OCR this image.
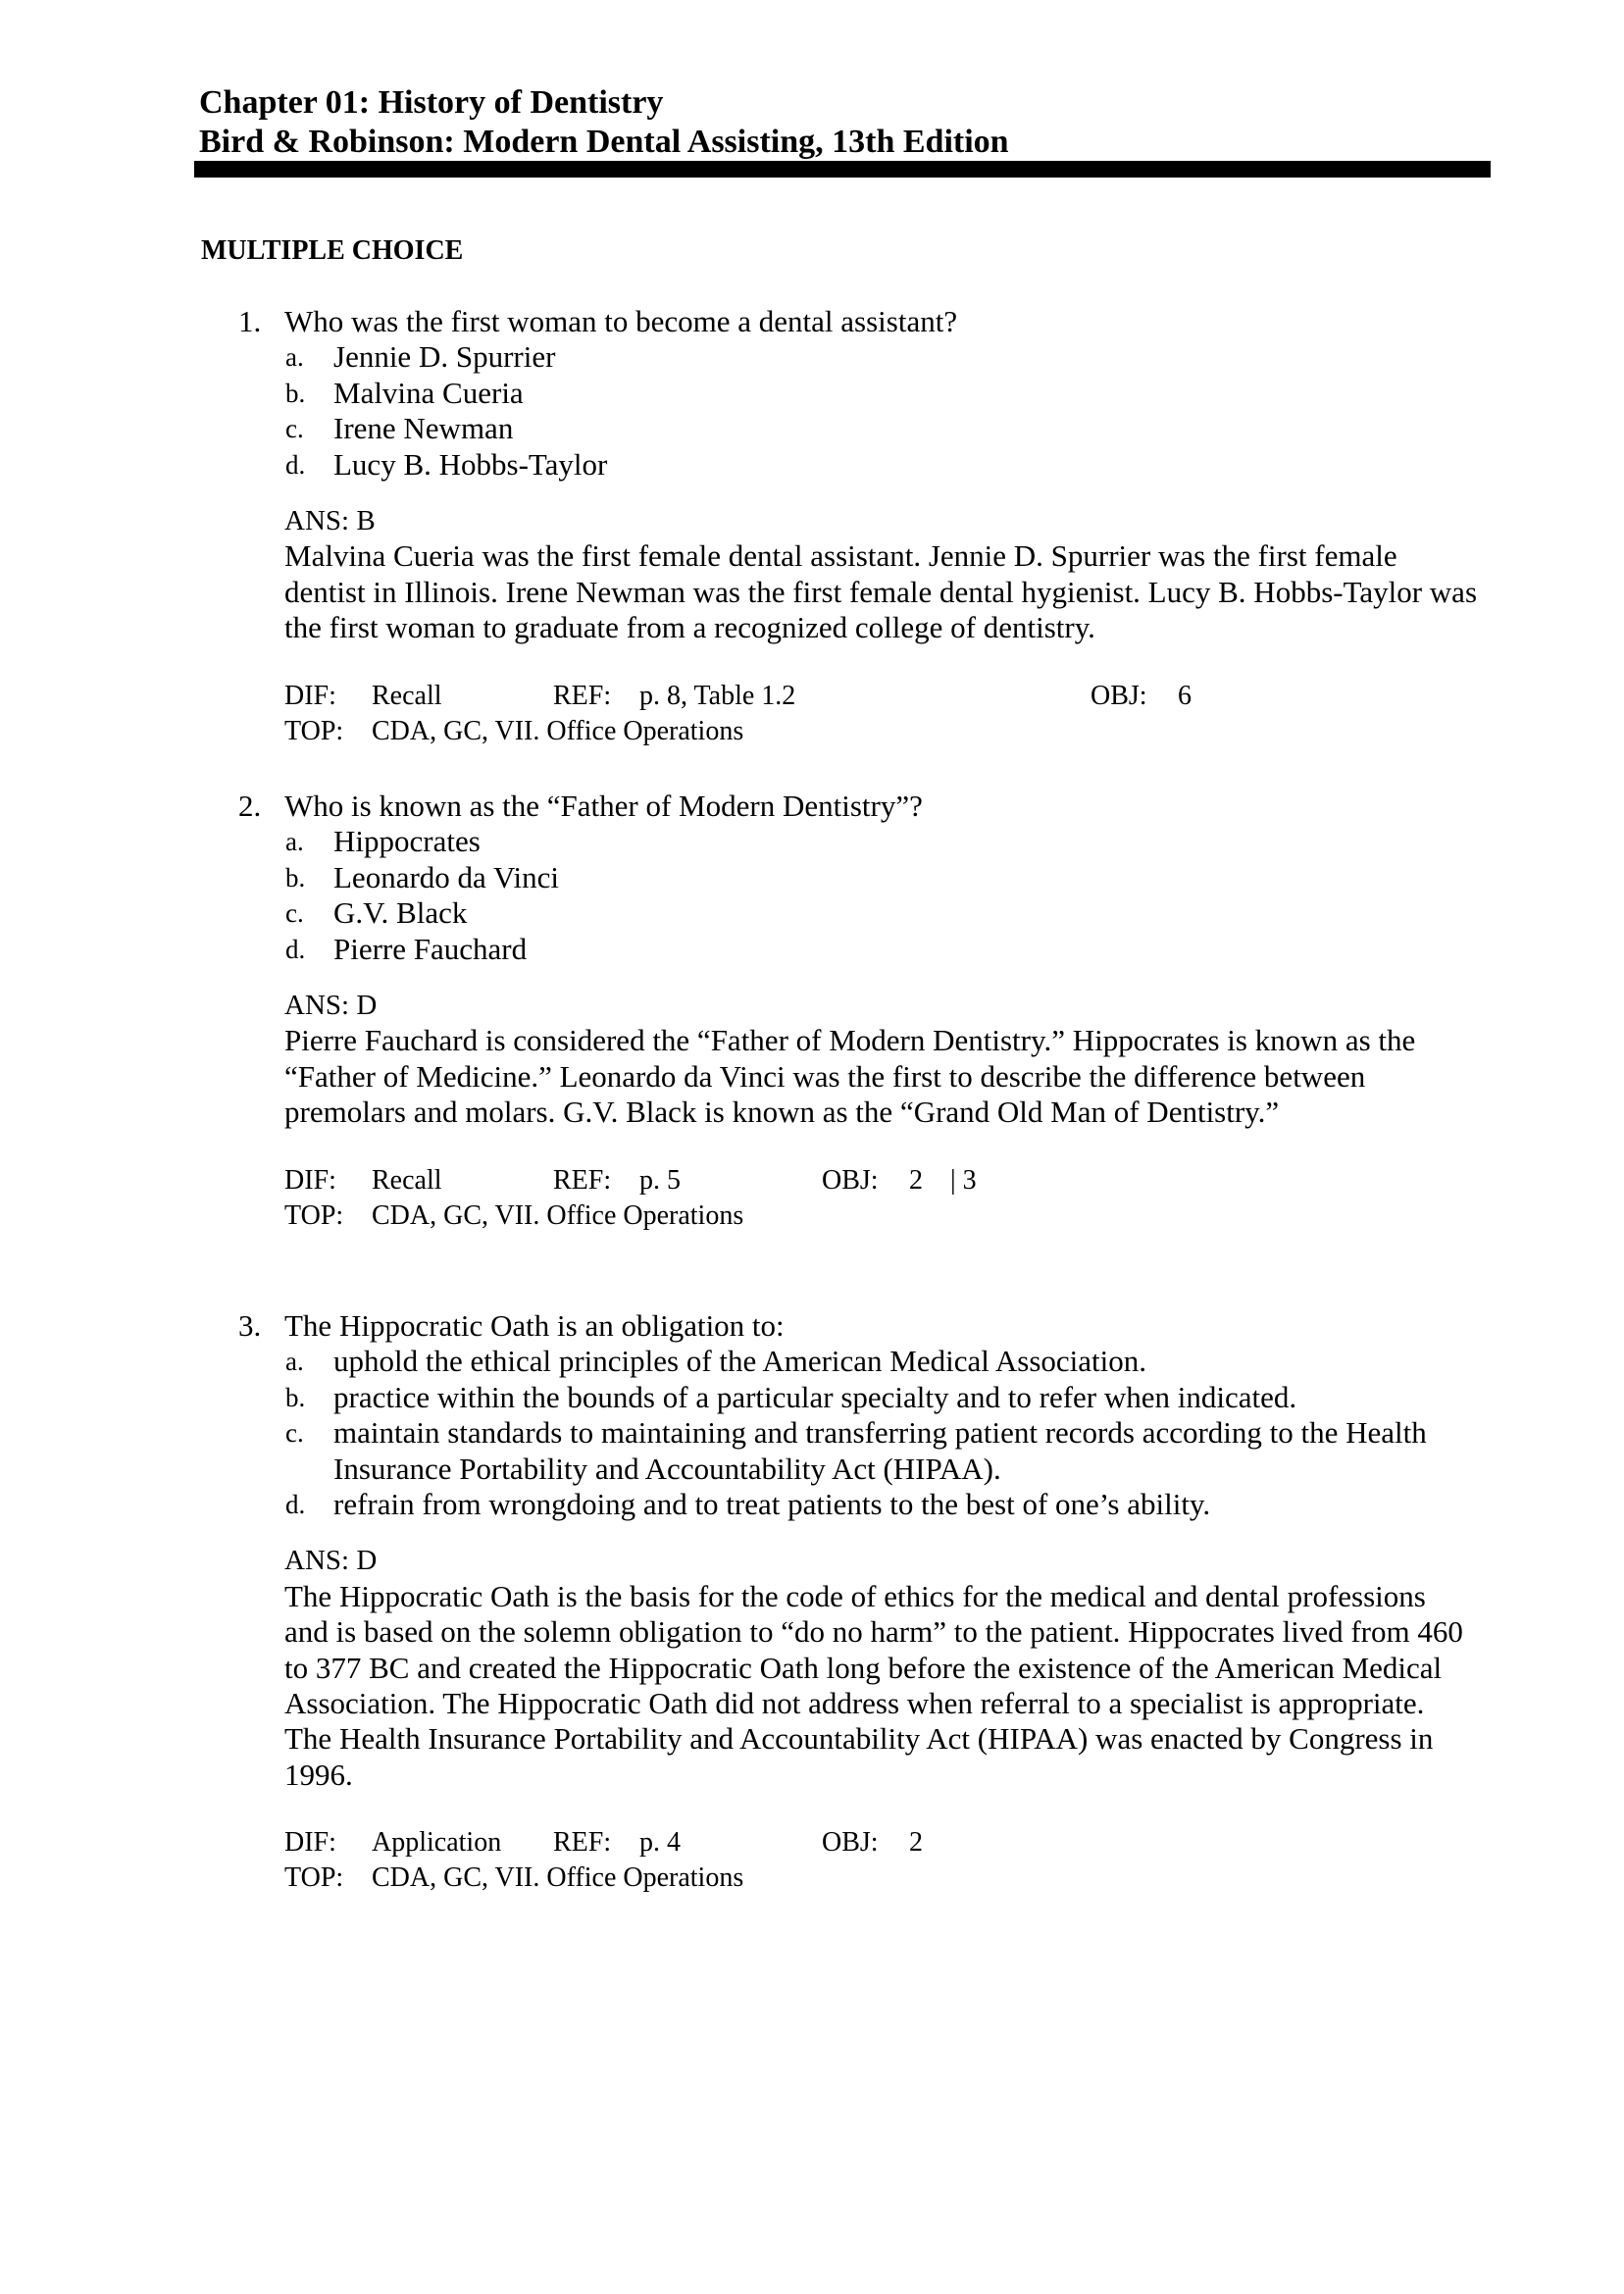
Chapter 01: History of Dentistry
Bird & Robinson: Modern Dental Assisting, 13th Edition
MULTIPLE CHOICE
1. Who was the first woman to become a dental assistant?
a. Jennie D. Spurrier
b. Malvina Cueria
c. Irene Newman
d. Lucy B. Hobbs-Taylor
ANS: B
Malvina Cueria was the first female dental assistant. Jennie D. Spurrier was the first female dentist in Illinois. Irene Newman was the first female dental hygienist. Lucy B. Hobbs-Taylor was the first woman to graduate from a recognized college of dentistry.
DIF: Recall	REF: p. 8, Table 1.2	OBJ: 6
TOP: CDA, GC, VII. Office Operations
2. Who is known as the “Father of Modern Dentistry”?
a. Hippocrates
b. Leonardo da Vinci
c. G.V. Black
d. Pierre Fauchard
ANS: D
Pierre Fauchard is considered the “Father of Modern Dentistry.” Hippocrates is known as the “Father of Medicine.” Leonardo da Vinci was the first to describe the difference between premolars and molars. G.V. Black is known as the “Grand Old Man of Dentistry.”
DIF: Recall	REF: p. 5	OBJ: 2 | 3
TOP: CDA, GC, VII. Office Operations
3. The Hippocratic Oath is an obligation to:
a. uphold the ethical principles of the American Medical Association.
b. practice within the bounds of a particular specialty and to refer when indicated.
c. maintain standards to maintaining and transferring patient records according to the Health Insurance Portability and Accountability Act (HIPAA).
d. refrain from wrongdoing and to treat patients to the best of one’s ability.
ANS: D
The Hippocratic Oath is the basis for the code of ethics for the medical and dental professions and is based on the solemn obligation to “do no harm” to the patient. Hippocrates lived from 460 to 377 BC and created the Hippocratic Oath long before the existence of the American Medical Association. The Hippocratic Oath did not address when referral to a specialist is appropriate. The Health Insurance Portability and Accountability Act (HIPAA) was enacted by Congress in 1996.
DIF: Application REF: p. 4	OBJ: 2
TOP: CDA, GC, VII. Office Operations
